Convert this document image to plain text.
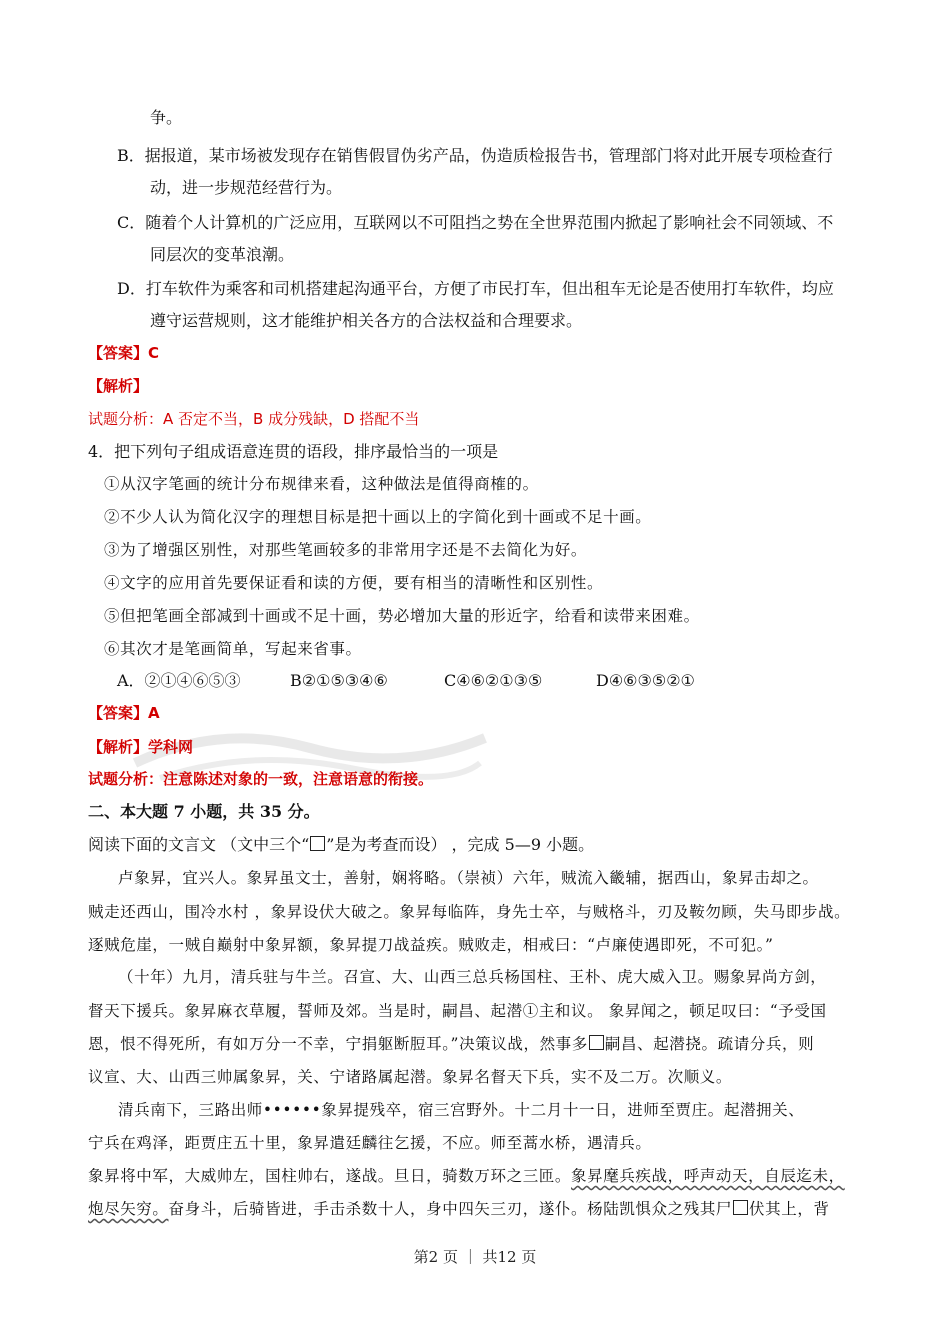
争。
B．据报道，某市场被发现存在销售假冒伪劣产品，伪造质检报告书，管理部门将对此开展专项检查行
动，进一步规范经营行为。
C．随着个人计算机的广泛应用，互联网以不可阻挡之势在全世界范围内掀起了影响社会不同领域、不
同层次的变革浪潮。
D．打车软件为乘客和司机搭建起沟通平台，方便了市民打车，但出租车无论是否使用打车软件，均应
遵守运营规则，这才能维护相关各方的合法权益和合理要求。
【答案】C
【解析】
试题分析：A 否定不当，B 成分残缺，D 搭配不当
4．把下列句子组成语意连贯的语段，排序最恰当的一项是
①从汉字笔画的统计分布规律来看，这种做法是值得商榷的。
②不少人认为简化汉字的理想目标是把十画以上的字简化到十画或不足十画。
③为了增强区别性，对那些笔画较多的非常用字还是不去简化为好。
④文字的应用首先要保证看和读的方便，要有相当的清晰性和区别性。
⑤但把笔画全部减到十画或不足十画，势必增加大量的形近字，给看和读带来困难。
⑥其次才是笔画简单，写起来省事。
A．②①④⑥⑤③	B②①⑤③④⑥	C④⑥②①③⑤	D④⑥③⑤②①
【答案】A
【解析】学科网
试题分析：注意陈述对象的一致，注意语意的衔接。
二、本大题 7 小题，共 35 分。
阅读下面的文言文 （文中三个“ ”是为考查而设） ，完成 5—9 小题。
卢象昇，宜兴人。象昇虽文士，善射，娴将略。（崇祯）六年，贼流入畿辅，据西山，象昇击却之。
贼走还西山，围冷水村 ，象昇设伏大破之。象昇每临阵，身先士卒，与贼格斗，刃及鞍勿顾，失马即步战。
逐贼危崖，一贼自巅射中象昇额，象昇提刀战益疾。贼败走，相戒曰：“卢廉使遇即死，不可犯。”
（十年）九月，清兵驻与牛兰。召宣、大、山西三总兵杨国柱、王朴、虎大威入卫。赐象昇尚方剑，
督天下援兵。象昇麻衣草履，誓师及郊。当是时，嗣昌、起潜①主和议。 象昇闻之，顿足叹曰：“予受国
恩，恨不得死所，有如万分一不幸，宁捐躯断脰耳。”决策议战，然事多 嗣昌、起潜挠。疏请分兵，则
议宣、大、山西三帅属象昇，关、宁诸路属起潜。象昇名督天下兵，实不及二万。次顺义。
清兵南下，三路出师••••••象昇提残卒，宿三宫野外。十二月十一日，进师至贾庄。起潜拥关、
宁兵在鸡泽，距贾庄五十里，象昇遣廷麟往乞援，不应。师至蒿水桥，遇清兵。
象昇将中军，大威帅左，国柱帅右，遂战。旦日，骑数万环之三匝。象昇麾兵疾战，呼声动天，自辰迄未，
炮尽矢穷。奋身斗，后骑皆进，手击杀数十人，身中四矢三刃，遂仆。杨陆凯惧众之残其尸 伏其上，背
第2 页 ｜ 共12 页
